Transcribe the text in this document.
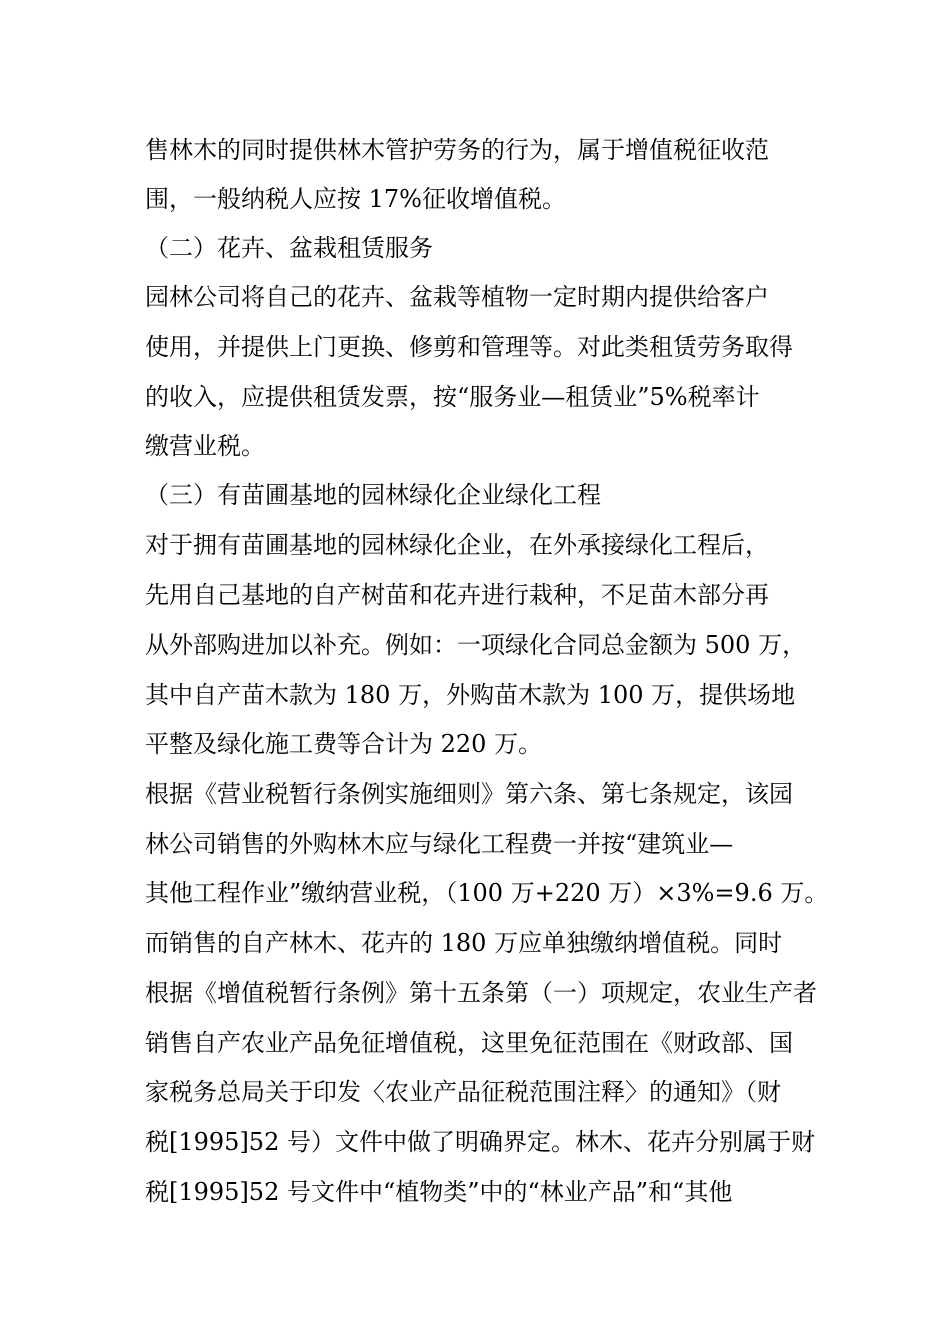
售林木的同时提供林木管护劳务的行为，属于增值税征收范
围，一般纳税人应按 17%征收增值税。
（二）花卉、盆栽租赁服务
园林公司将自己的花卉、盆栽等植物一定时期内提供给客户
使用，并提供上门更换、修剪和管理等。对此类租赁劳务取得
的收入，应提供租赁发票，按“服务业—租赁业”5%税率计
缴营业税。
（三）有苗圃基地的园林绿化企业绿化工程
对于拥有苗圃基地的园林绿化企业，在外承接绿化工程后，
先用自己基地的自产树苗和花卉进行栽种，不足苗木部分再
从外部购进加以补充。例如：一项绿化合同总金额为 500 万，
其中自产苗木款为 180 万，外购苗木款为 100 万，提供场地
平整及绿化施工费等合计为 220 万。
根据《营业税暂行条例实施细则》第六条、第七条规定，该园
林公司销售的外购林木应与绿化工程费一并按“建筑业—
其他工程作业”缴纳营业税，（100 万+220 万）×3%=9.6 万。
而销售的自产林木、花卉的 180 万应单独缴纳增值税。同时
根据《增值税暂行条例》第十五条第（一）项规定，农业生产者
销售自产农业产品免征增值税，这里免征范围在《财政部、国
家税务总局关于印发〈农业产品征税范围注释〉的通知》（财
税[1995]52 号）文件中做了明确界定。林木、花卉分别属于财
税[1995]52 号文件中“植物类”中的“林业产品”和“其他
